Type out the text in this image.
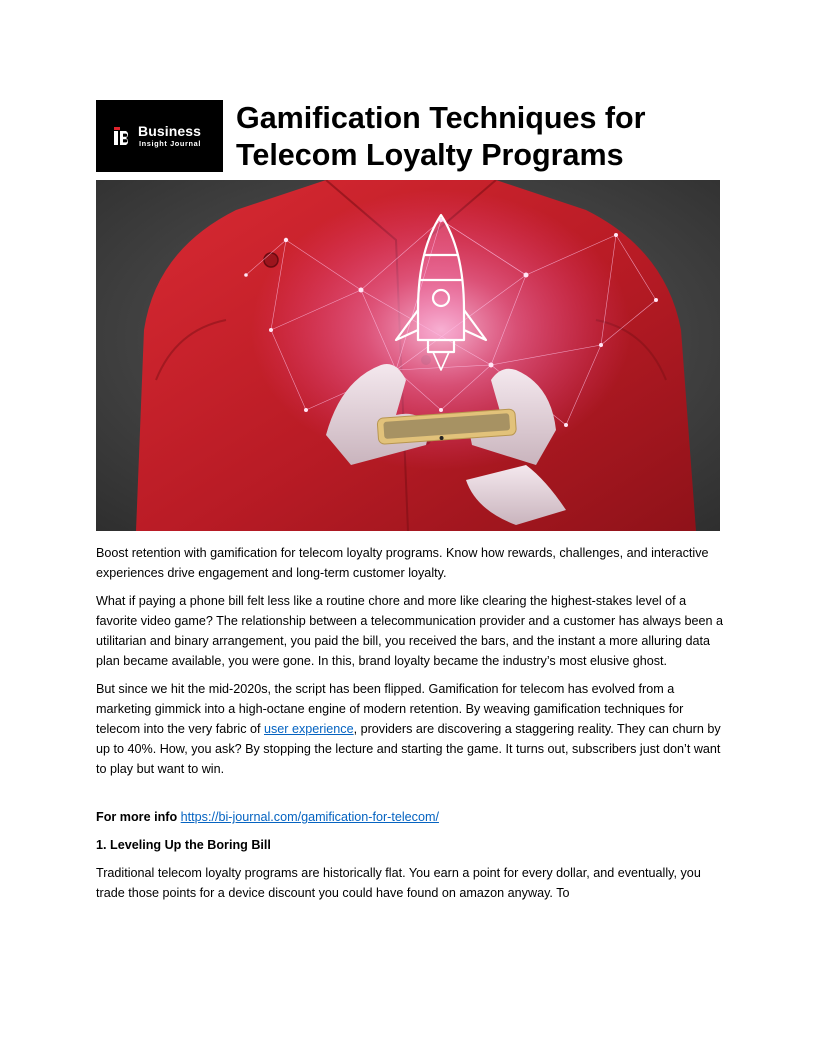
Business
Insight Journal
Gamification Techniques for
Telecom Loyalty Programs

Boost retention with gamification for telecom loyalty programs. Know how rewards, challenges, and interactive experiences drive engagement and long-term customer loyalty.

What if paying a phone bill felt less like a routine chore and more like clearing the highest-stakes level of a favorite video game? The relationship between a telecommunication provider and a customer has always been a utilitarian and binary arrangement, you paid the bill, you received the bars, and the instant a more alluring data plan became available, you were gone. In this, brand loyalty became the industry’s most elusive ghost.

But since we hit the mid-2020s, the script has been flipped. Gamification for telecom has evolved from a marketing gimmick into a high-octane engine of modern retention. By weaving gamification techniques for telecom into the very fabric of user experience, providers are discovering a staggering reality. They can churn by up to 40%. How, you ask? By stopping the lecture and starting the game. It turns out, subscribers just don’t want to play but want to win.

For more info https://bi-journal.com/gamification-for-telecom/

1. Leveling Up the Boring Bill

Traditional telecom loyalty programs are historically flat. You earn a point for every dollar, and eventually, you trade those points for a device discount you could have found on amazon anyway. To
